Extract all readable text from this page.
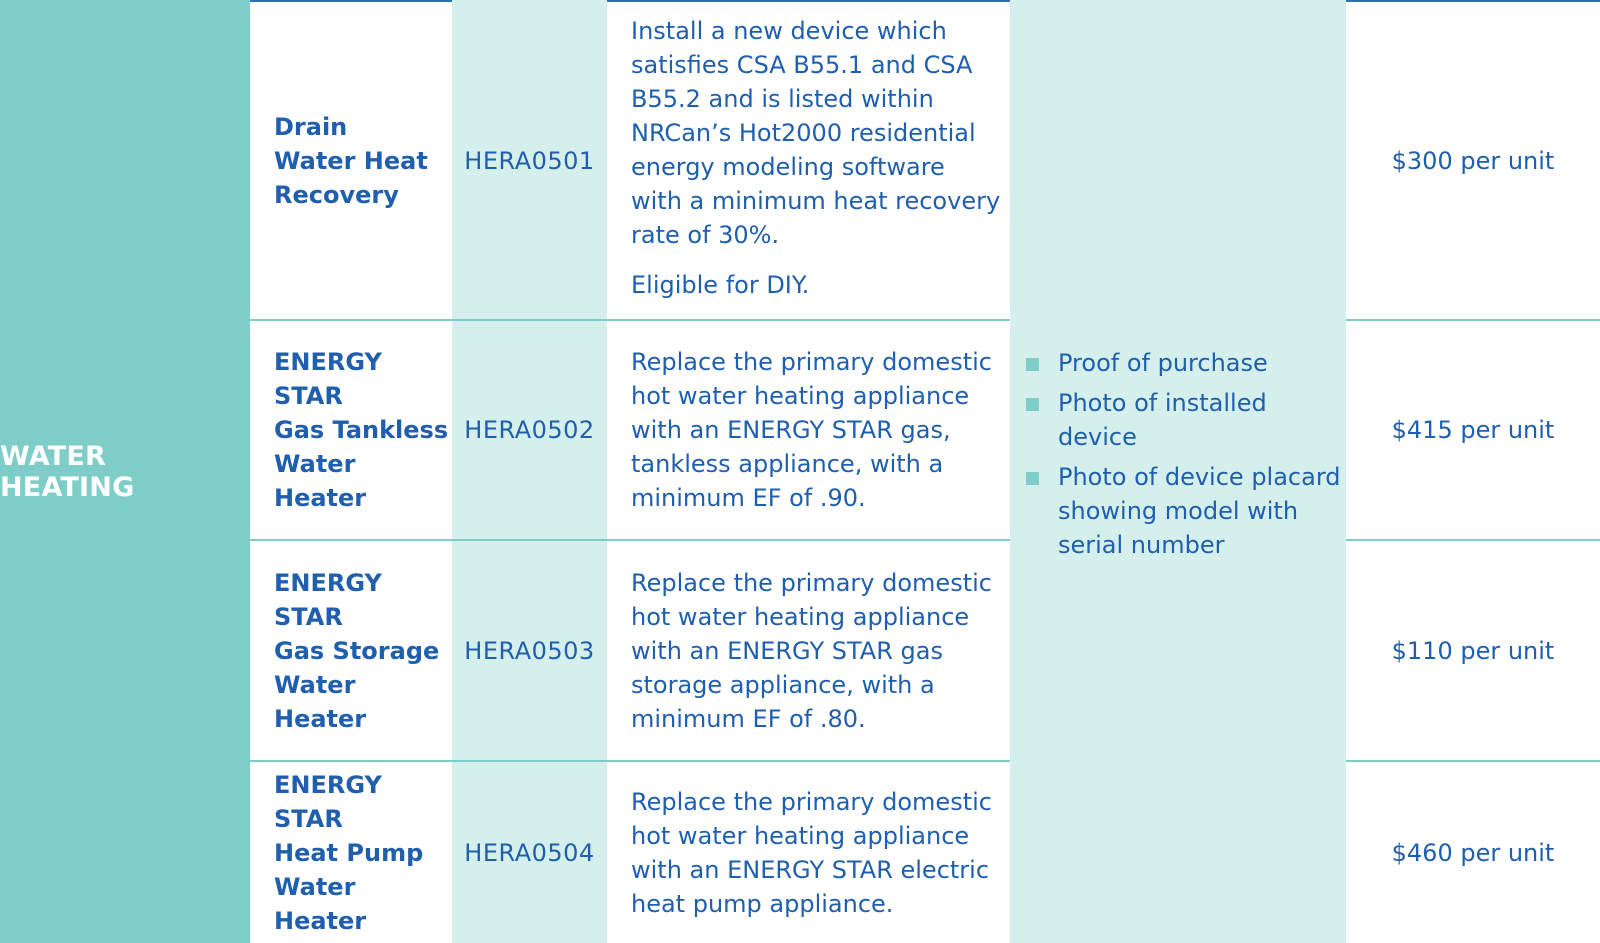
WATER HEATING
Drain
Water Heat
Recovery
HERA0501

Install a new device which satisfies CSA B55.1 and CSA B55.2 and is listed within NRCan’s Hot2000 residential energy modeling software with a minimum heat recovery rate of 30%.

Eligible for DIY.

$300 per unit
ENERGY STAR
Gas Tankless
Water Heater
HERA0502

Replace the primary domestic hot water heating appliance with an ENERGY STAR gas, tankless appliance, with a minimum EF of .90.

$415 per unit
ENERGY STAR
Gas Storage
Water Heater
HERA0503

Replace the primary domestic hot water heating appliance with an ENERGY STAR gas storage appliance, with a minimum EF of .80.

$110 per unit
ENERGY STAR
Heat Pump
Water Heater
HERA0504

Replace the primary domestic hot water heating appliance with an ENERGY STAR electric heat pump appliance.

$460 per unit
Proof of purchase
Photo of installed device
Photo of device placard showing model with serial number
